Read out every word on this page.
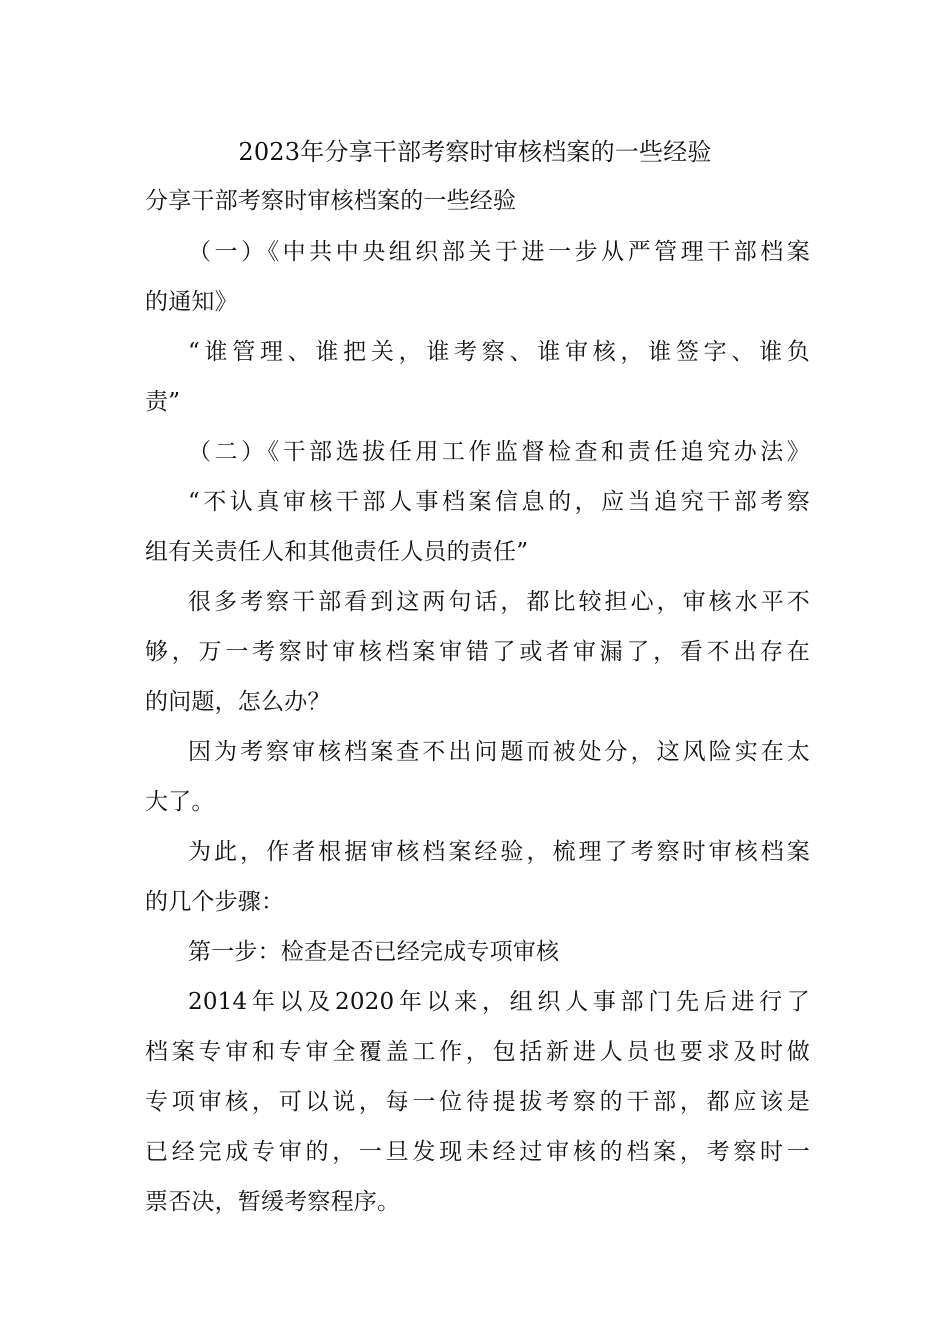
2023年分享干部考察时审核档案的一些经验
分享干部考察时审核档案的一些经验
（一）《中共中央组织部关于进一步从严管理干部档案
的通知》
“谁管理、谁把关，谁考察、谁审核，谁签字、谁负
责”
（二）《干部选拔任用工作监督检查和责任追究办法》
“不认真审核干部人事档案信息的，应当追究干部考察
组有关责任人和其他责任人员的责任”
很多考察干部看到这两句话，都比较担心，审核水平不
够，万一考察时审核档案审错了或者审漏了，看不出存在
的问题，怎么办？
因为考察审核档案查不出问题而被处分，这风险实在太
大了。
为此，作者根据审核档案经验，梳理了考察时审核档案
的几个步骤：
第一步：检查是否已经完成专项审核
2014年以及2020年以来，组织人事部门先后进行了
档案专审和专审全覆盖工作，包括新进人员也要求及时做
专项审核，可以说，每一位待提拔考察的干部，都应该是
已经完成专审的，一旦发现未经过审核的档案，考察时一
票否决，暂缓考察程序。
